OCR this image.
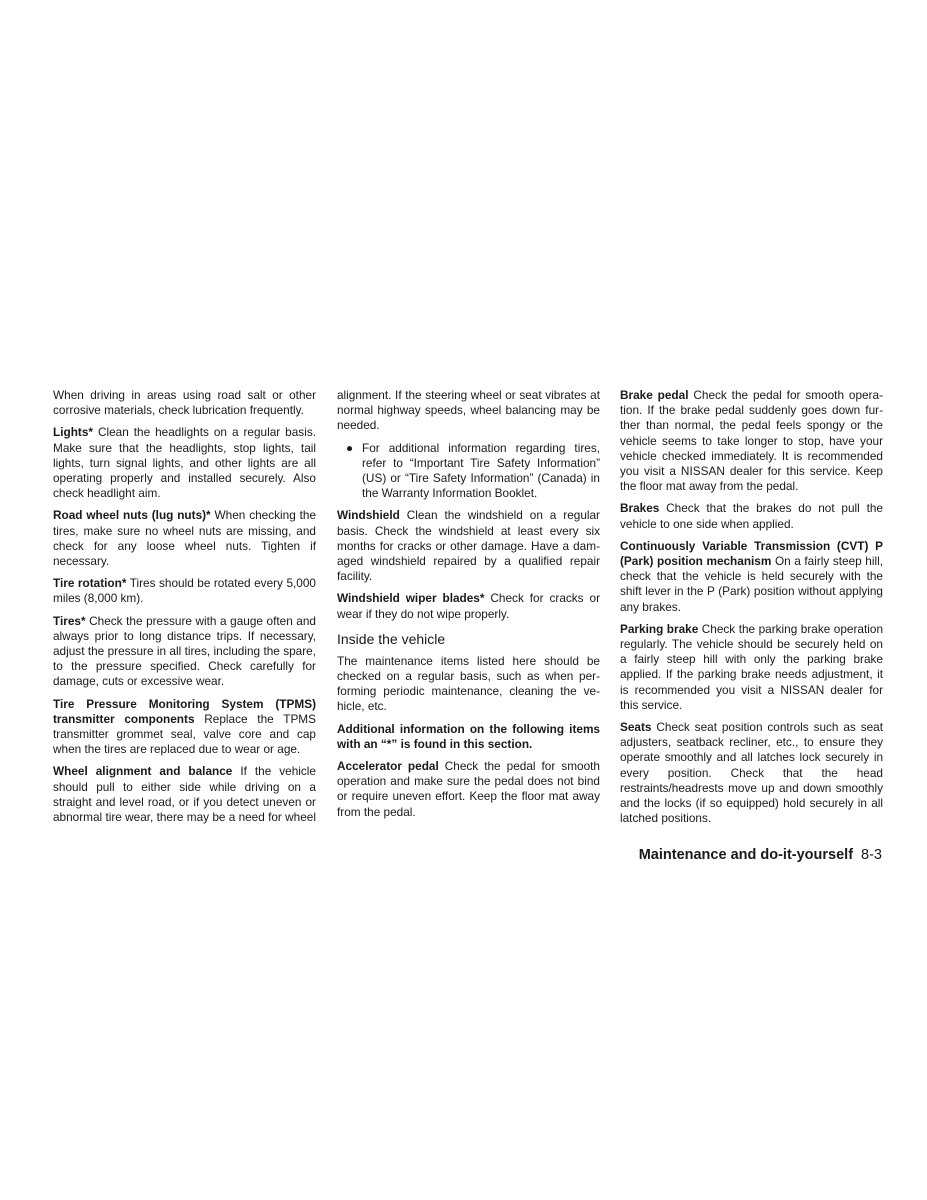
When driving in areas using road salt or other corrosive materials, check lubrication frequently.

Lights* Clean the headlights on a regular basis. Make sure that the headlights, stop lights, tail lights, turn signal lights, and other lights are all operating properly and installed securely. Also check headlight aim.

Road wheel nuts (lug nuts)* When checking the tires, make sure no wheel nuts are missing, and check for any loose wheel nuts. Tighten if necessary.

Tire rotation* Tires should be rotated every 5,000 miles (8,000 km).

Tires* Check the pressure with a gauge often and always prior to long distance trips. If necessary, adjust the pressure in all tires, including the spare, to the pressure specified. Check carefully for damage, cuts or excessive wear.

Tire Pressure Monitoring System (TPMS) transmitter components Replace the TPMS transmitter grommet seal, valve core and cap when the tires are replaced due to wear or age.

Wheel alignment and balance If the vehicle should pull to either side while driving on a straight and level road, or if you detect uneven or abnormal tire wear, there may be a need for wheel

alignment. If the steering wheel or seat vibrates at normal highway speeds, wheel balancing may be needed.

● For additional information regarding tires, refer to “Important Tire Safety Information” (US) or “Tire Safety Information” (Canada) in the Warranty Information Booklet.

Windshield Clean the windshield on a regular basis. Check the windshield at least every six months for cracks or other damage. Have a damaged windshield repaired by a qualified repair facility.

Windshield wiper blades* Check for cracks or wear if they do not wipe properly.

Inside the vehicle

The maintenance items listed here should be checked on a regular basis, such as when performing periodic maintenance, cleaning the vehicle, etc.

Additional information on the following items with an “*” is found in this section.

Accelerator pedal Check the pedal for smooth operation and make sure the pedal does not bind or require uneven effort. Keep the floor mat away from the pedal.

Brake pedal Check the pedal for smooth operation. If the brake pedal suddenly goes down further than normal, the pedal feels spongy or the vehicle seems to take longer to stop, have your vehicle checked immediately. It is recommended you visit a NISSAN dealer for this service. Keep the floor mat away from the pedal.

Brakes Check that the brakes do not pull the vehicle to one side when applied.

Continuously Variable Transmission (CVT) P (Park) position mechanism On a fairly steep hill, check that the vehicle is held securely with the shift lever in the P (Park) position without applying any brakes.

Parking brake Check the parking brake operation regularly. The vehicle should be securely held on a fairly steep hill with only the parking brake applied. If the parking brake needs adjustment, it is recommended you visit a NISSAN dealer for this service.

Seats Check seat position controls such as seat adjusters, seatback recliner, etc., to ensure they operate smoothly and all latches lock securely in every position. Check that the head restraints/headrests move up and down smoothly and the locks (if so equipped) hold securely in all latched positions.

Maintenance and do-it-yourself 8-3
